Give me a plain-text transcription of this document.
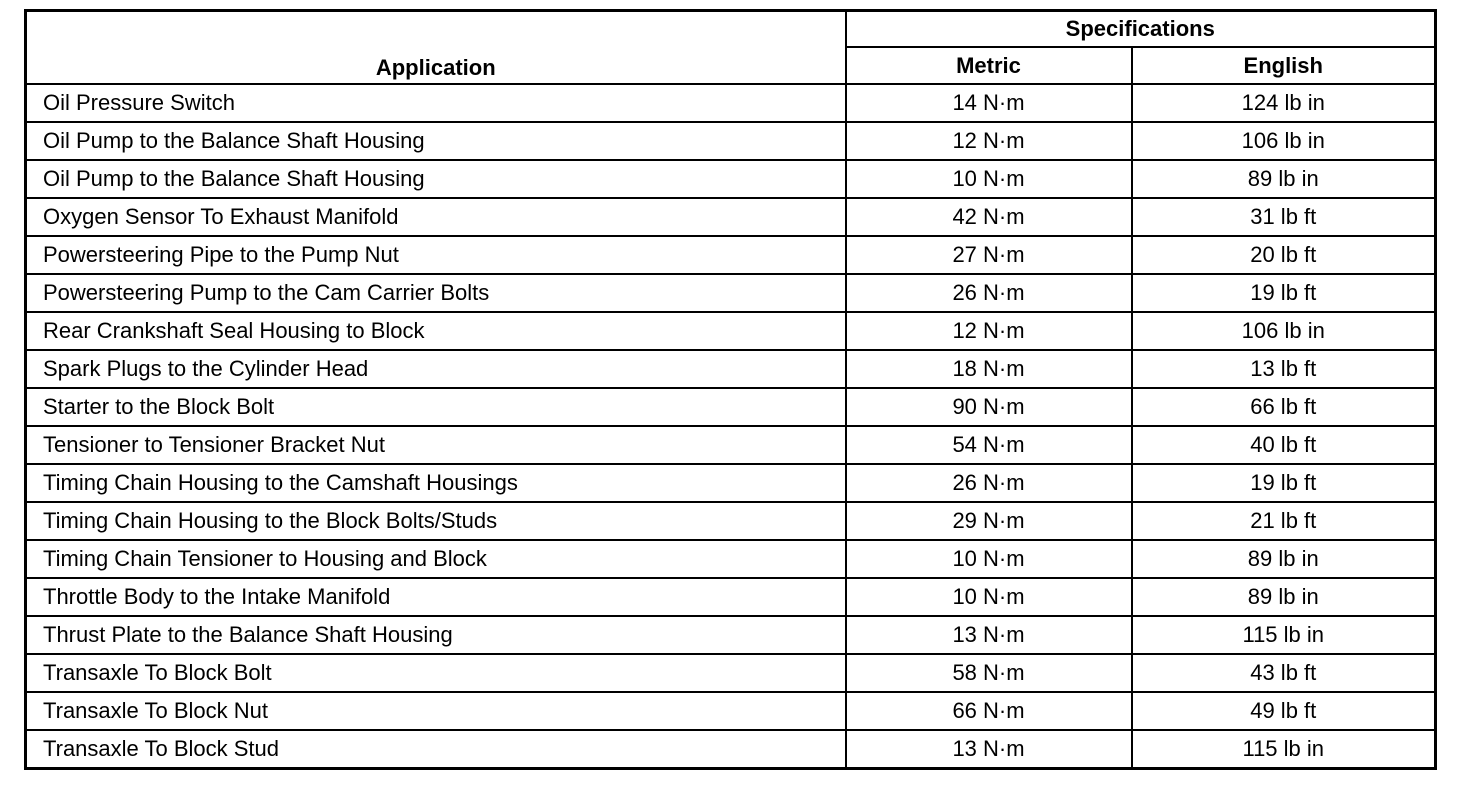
Application	Specifications	
	Metric	English
Oil Pressure Switch	14 N·m	124 lb in
Oil Pump to the Balance Shaft Housing	12 N·m	106 lb in
Oil Pump to the Balance Shaft Housing	10 N·m	89 lb in
Oxygen Sensor To Exhaust Manifold	42 N·m	31 lb ft
Powersteering Pipe to the Pump Nut	27 N·m	20 lb ft
Powersteering Pump to the Cam Carrier Bolts	26 N·m	19 lb ft
Rear Crankshaft Seal Housing to Block	12 N·m	106 lb in
Spark Plugs to the Cylinder Head	18 N·m	13 lb ft
Starter to the Block Bolt	90 N·m	66 lb ft
Tensioner to Tensioner Bracket Nut	54 N·m	40 lb ft
Timing Chain Housing to the Camshaft Housings	26 N·m	19 lb ft
Timing Chain Housing to the Block Bolts/Studs	29 N·m	21 lb ft
Timing Chain Tensioner to Housing and Block	10 N·m	89 lb in
Throttle Body to the Intake Manifold	10 N·m	89 lb in
Thrust Plate to the Balance Shaft Housing	13 N·m	115 lb in
Transaxle To Block Bolt	58 N·m	43 lb ft
Transaxle To Block Nut	66 N·m	49 lb ft
Transaxle To Block Stud	13 N·m	115 lb in
